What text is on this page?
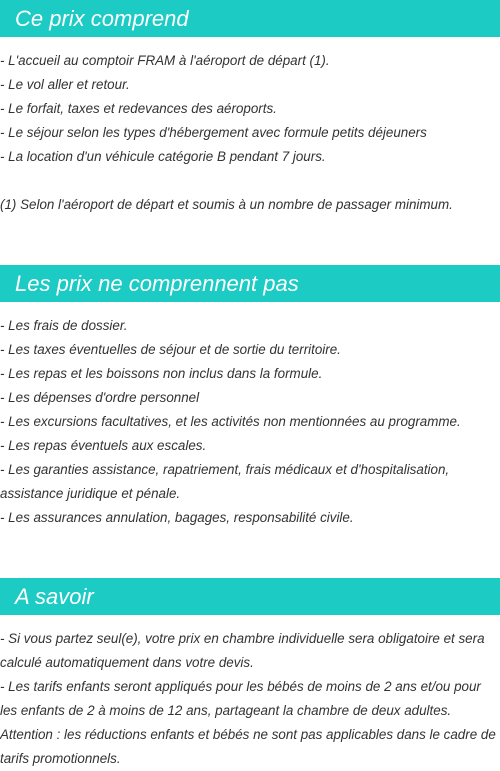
Ce prix comprend
- L'accueil au comptoir FRAM à l'aéroport de départ (1).
- Le vol aller et retour.
- Le forfait, taxes et redevances des aéroports.
- Le séjour selon les types d'hébergement avec formule petits déjeuners
- La location d'un véhicule catégorie B pendant 7 jours.
(1) Selon l'aéroport de départ et soumis à un nombre de passager minimum.
Les prix ne comprennent pas
- Les frais de dossier.
- Les taxes éventuelles de séjour et de sortie du territoire.
- Les repas et les boissons non inclus dans la formule.
- Les dépenses d'ordre personnel
- Les excursions facultatives, et les activités non mentionnées au programme.
- Les repas éventuels aux escales.
- Les garanties assistance, rapatriement, frais médicaux et d'hospitalisation, assistance juridique et pénale.
- Les assurances annulation, bagages, responsabilité civile.
A savoir
- Si vous partez seul(e), votre prix en chambre individuelle sera obligatoire et sera calculé automatiquement dans votre devis.
- Les tarifs enfants seront appliqués pour les bébés de moins de 2 ans et/ou pour les enfants de 2 à moins de 12 ans, partageant la chambre de deux adultes.
Attention : les réductions enfants et bébés ne sont pas applicables dans le cadre de tarifs promotionnels.
